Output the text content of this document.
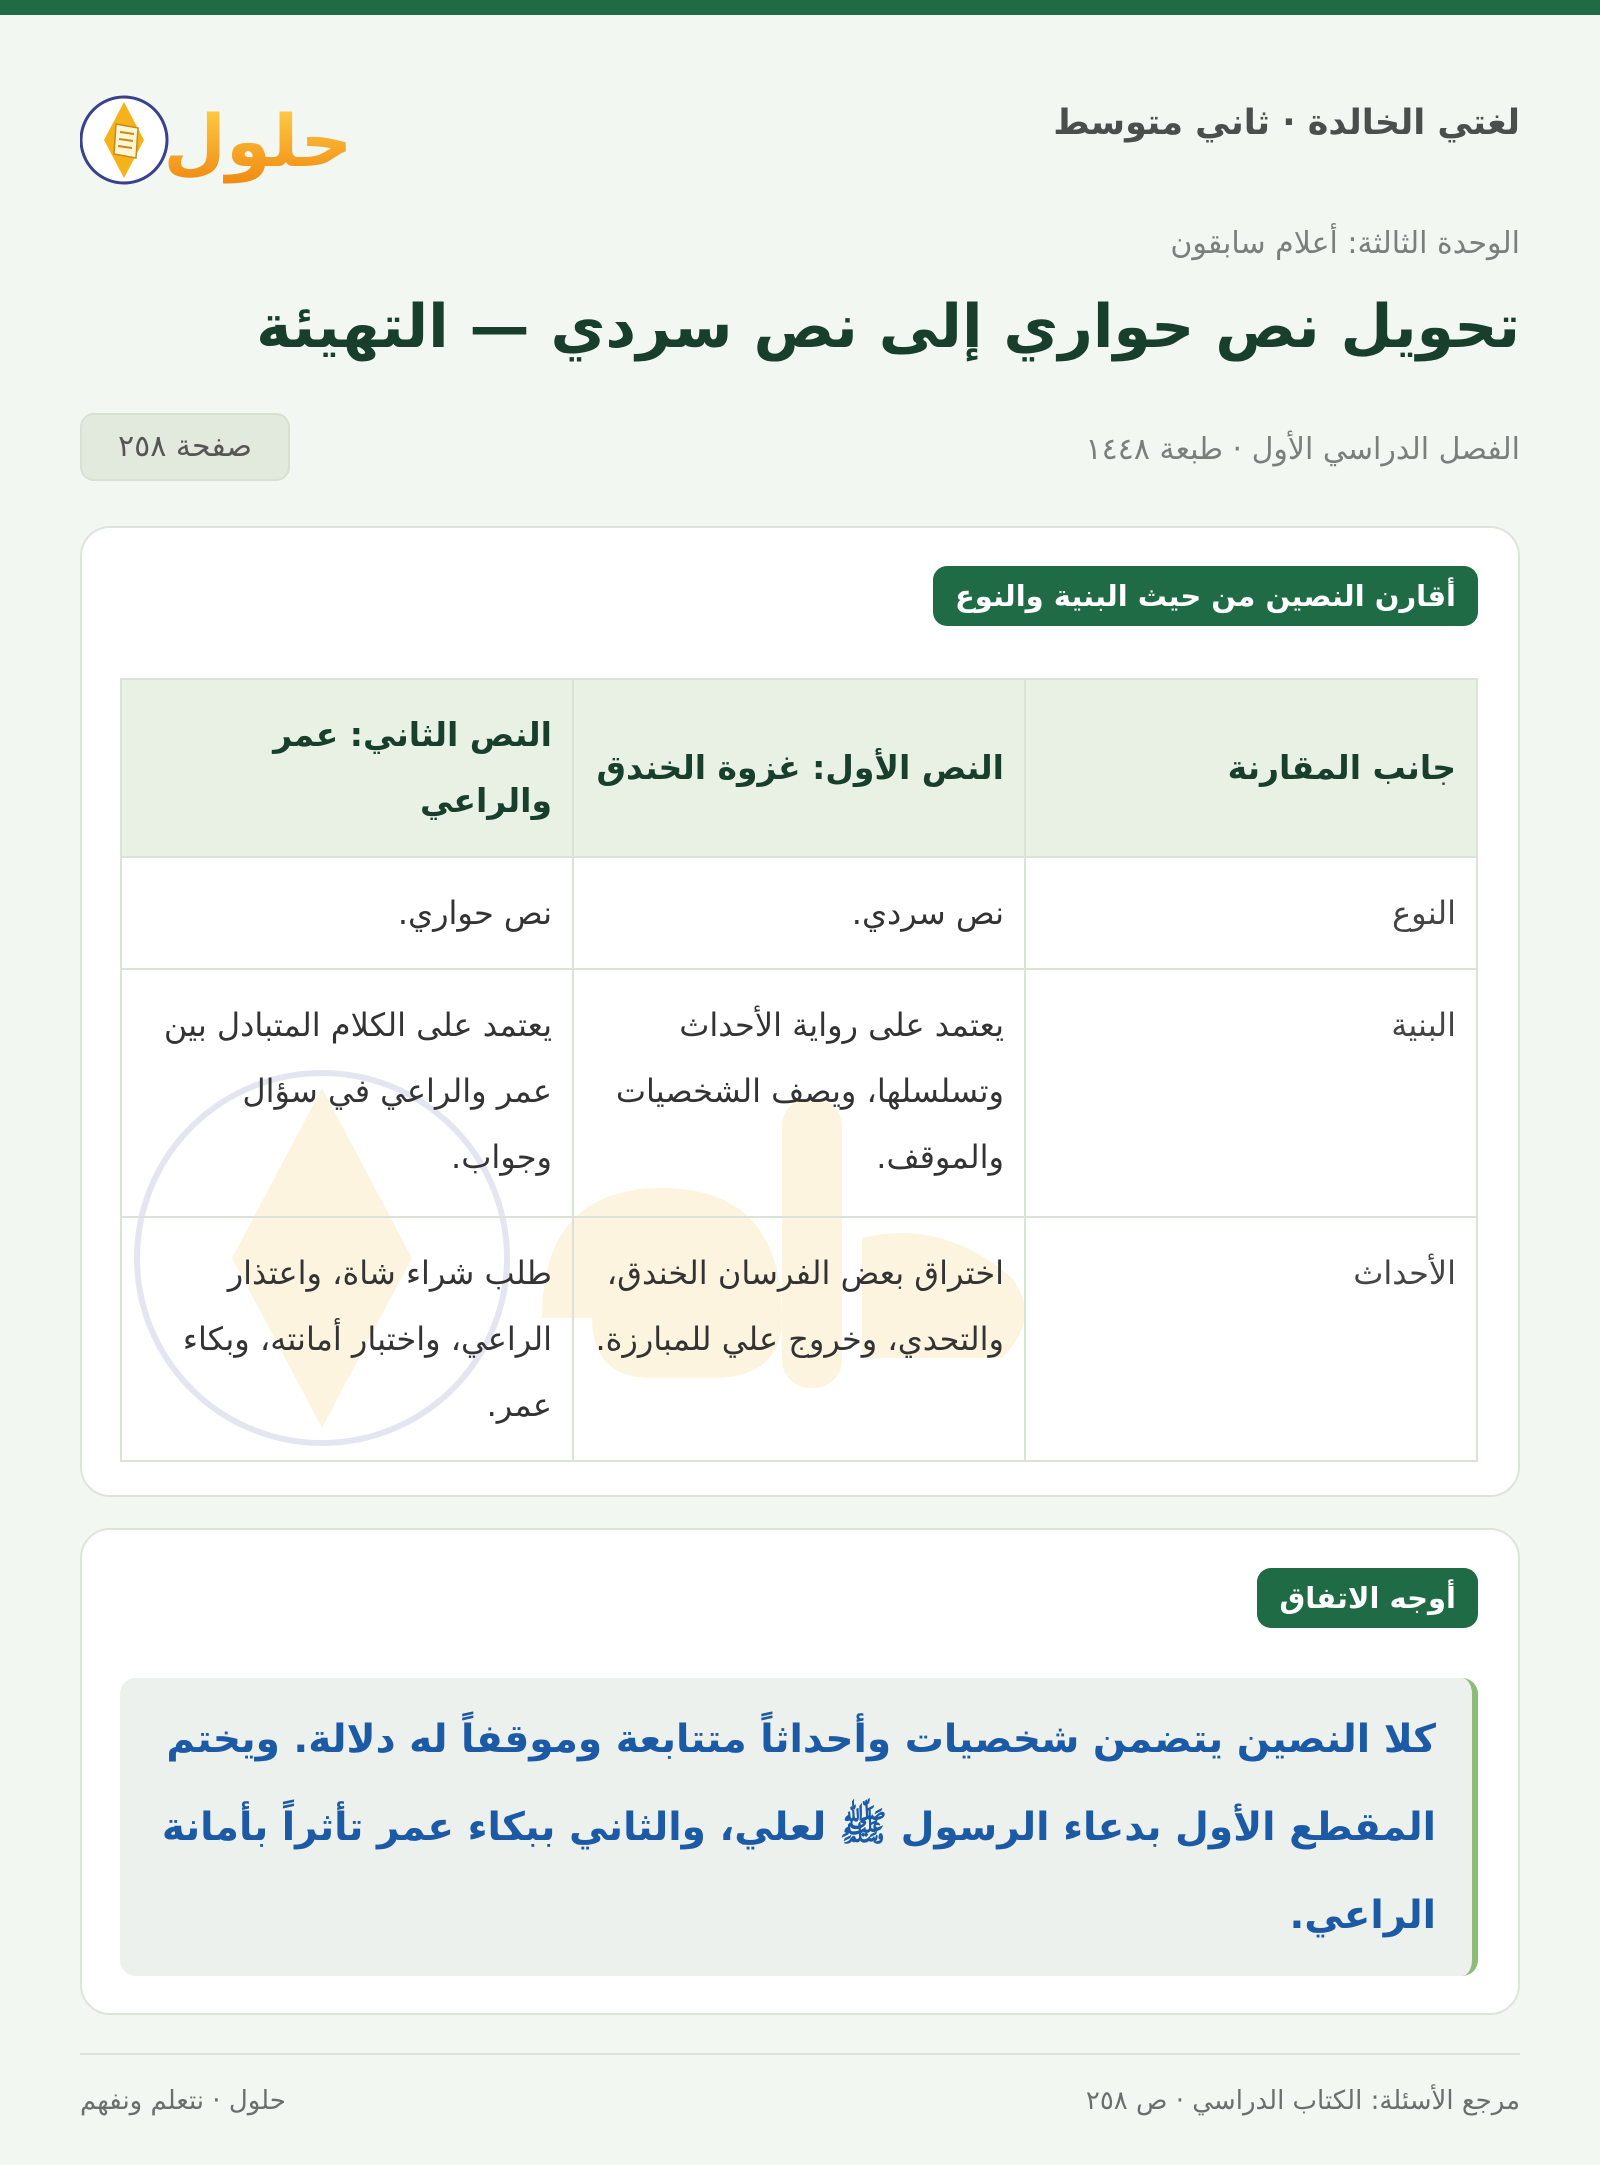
لغتي الخالدة · ثاني متوسط
حلول
الوحدة الثالثة: أعلام سابقون
تحويل نص حواري إلى نص سردي — التهيئة
الفصل الدراسي الأول · طبعة ١٤٤٨
صفحة ٢٥٨
أقارن النصين من حيث البنية والنوع
جانب المقارنة	النص الأول: غزوة الخندق	النص الثاني: عمر والراعي
النوع	نص سردي.	نص حواري.
البنية	يعتمد على رواية الأحداث وتسلسلها، ويصف الشخصيات والموقف.	يعتمد على الكلام المتبادل بين عمر والراعي في سؤال وجواب.
الأحداث	اختراق بعض الفرسان الخندق، والتحدي، وخروج علي للمبارزة.	طلب شراء شاة، واعتذار الراعي، واختبار أمانته، وبكاء عمر.
أوجه الاتفاق
كلا النصين يتضمن شخصيات وأحداثاً متتابعة وموقفاً له دلالة. ويختم المقطع الأول بدعاء الرسول ﷺ لعلي، والثاني ببكاء عمر تأثراً بأمانة الراعي.
مرجع الأسئلة: الكتاب الدراسي · ص ٢٥٨
حلول · نتعلم ونفهم
